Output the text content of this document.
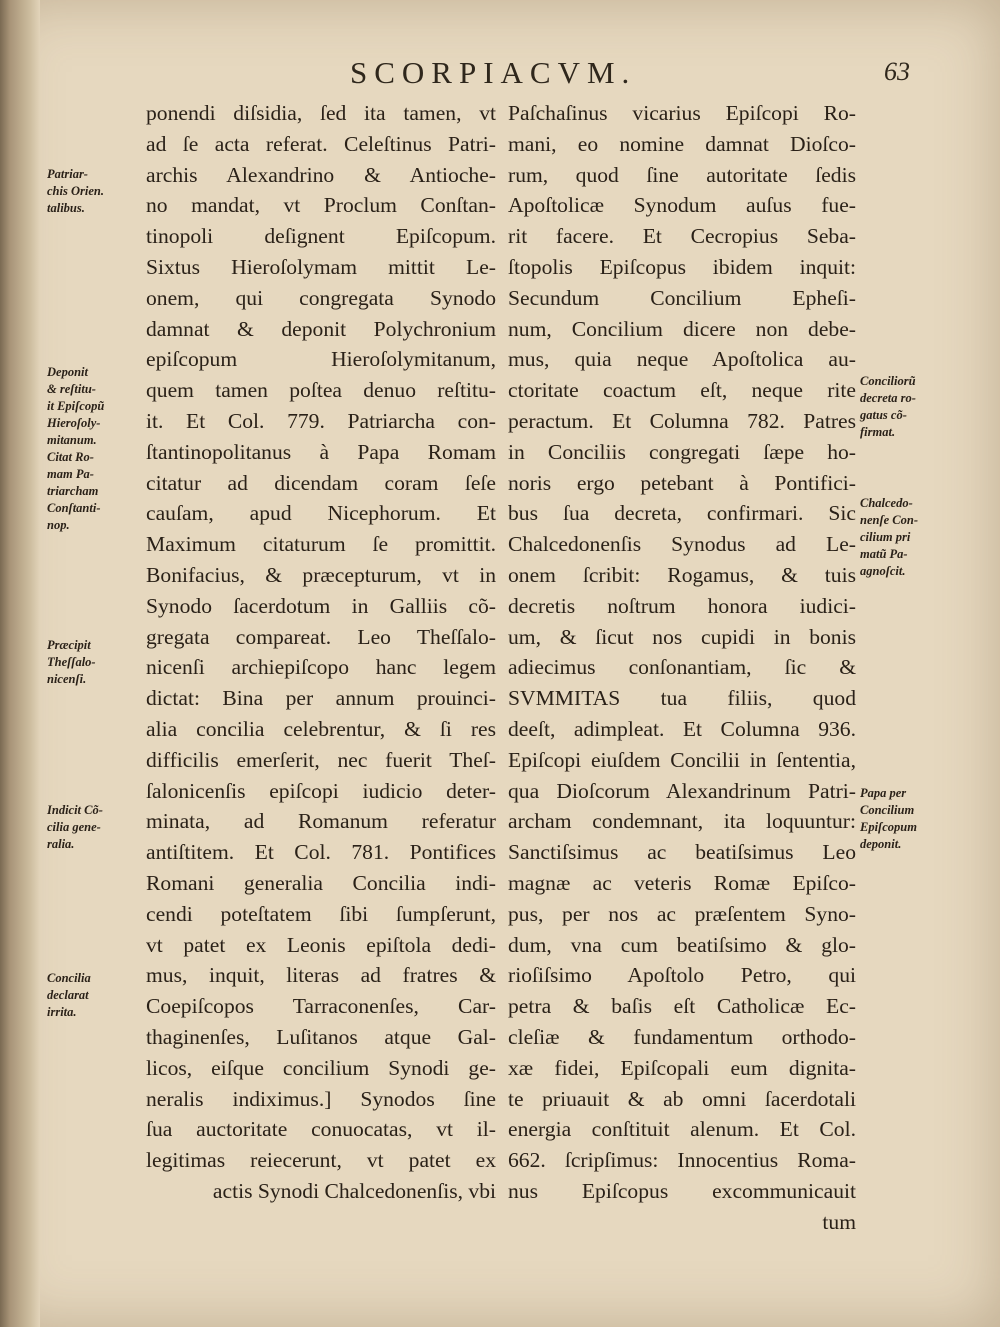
SCORPIACVM.	63
ponendi diſsidia, ſed ita tamen, vt
ad ſe acta referat. Celeſtinus Patri-
archis Alexandrino & Antioche-
no mandat, vt Proclum Conſtan-
tinopoli deſignent Epiſcopum.
Sixtus Hieroſolymam mittit Le-
onem, qui congregata Synodo
damnat & deponit Polychronium
epiſcopum Hieroſolymitanum,
quem tamen poſtea denuo reſtitu-
it. Et Col. 779. Patriarcha con-
ſtantinopolitanus à Papa Romam
citatur ad dicendam coram ſeſe
cauſam, apud Nicephorum. Et
Maximum citaturum ſe promittit.
Bonifacius, & præcepturum, vt in
Synodo ſacerdotum in Galliis cõ-
gregata compareat. Leo Theſſalo-
nicenſi archiepiſcopo hanc legem
dictat: Bina per annum prouinci-
alia concilia celebrentur, & ſi res
difficilis emerſerit, nec fuerit Theſ-
ſalonicenſis epiſcopi iudicio deter-
minata, ad Romanum referatur
antiſtitem. Et Col. 781. Pontifices
Romani generalia Concilia indi-
cendi poteſtatem ſibi ſumpſerunt,
vt patet ex Leonis epiſtola dedi-
mus, inquit, literas ad fratres &
Coepiſcopos Tarraconenſes, Car-
thaginenſes, Luſitanos atque Gal-
licos, eiſque concilium Synodi ge-
neralis indiximus.] Synodos ſine
ſua auctoritate conuocatas, vt il-
legitimas reiecerunt, vt patet ex
actis Synodi Chalcedonenſis, vbi
Paſchaſinus vicarius Epiſcopi Ro-
mani, eo nomine damnat Dioſco-
rum, quod ſine autoritate ſedis
Apoſtolicæ Synodum auſus fue-
rit facere. Et Cecropius Seba-
ſtopolis Epiſcopus ibidem inquit:
Secundum Concilium Epheſi-
num, Concilium dicere non debe-
mus, quia neque Apoſtolica au-
ctoritate coactum eſt, neque rite
peractum. Et Columna 782. Patres
in Conciliis congregati ſæpe ho-
noris ergo petebant à Pontifici-
bus ſua decreta, confirmari. Sic
Chalcedonenſis Synodus ad Le-
onem ſcribit: Rogamus, & tuis
decretis noſtrum honora iudici-
um, & ſicut nos cupidi in bonis
adiecimus conſonantiam, ſic &
SVMMITAS tua filiis, quod
deeſt, adimpleat. Et Columna 936.
Epiſcopi eiuſdem Concilii in ſententia,
qua Dioſcorum Alexandrinum Patri-
archam condemnant, ita loquuntur:
Sanctiſsimus ac beatiſsimus Leo
magnæ ac veteris Romæ Epiſco-
pus, per nos ac præſentem Syno-
dum, vna cum beatiſsimo & glo-
rioſiſsimo Apoſtolo Petro, qui
petra & baſis eſt Catholicæ Ec-
cleſiæ & fundamentum orthodo-
xæ fidei, Epiſcopali eum dignita-
te priuauit & ab omni ſacerdotali
energia conſtituit alenum. Et Col.
662. ſcripſimus: Innocentius Roma-
nus Epiſcopus excommunicauit
tum
Patriar-
chis Orien.
talibus.
Deponit
& reſtitu-
it Epiſcopũ
Hieroſoly-
mitanum.
Citat Ro-
mam Pa-
triarcham
Conſtanti-
nop.
Præcipit
Theſſalo-
nicenſi.
Indicit Cõ-
cilia gene-
ralia.
Concilia
declarat
irrita.
Conciliorũ
decreta ro-
gatus cõ-
firmat.
Chalcedo-
nenſe Con-
cilium pri
matũ Pa-
agnoſcit.
Papa per
Concilium
Epiſcopum
deponit.
